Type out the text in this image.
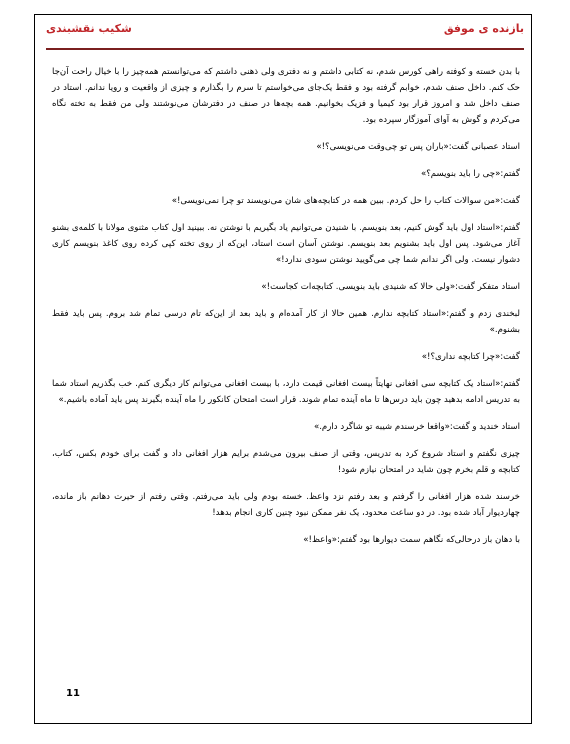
شکیب نقشبندی	بازنده ی موفق

با بدن خسته و کوفته راهی کورس شدم، نه کتابی داشتم و نه دفتری ولی ذهنی داشتم که می‌توانستم همه‌چیز را با خیال راحت آن‌جا حک کنم. داخل صنف شدم، خوابم گرفته بود و فقط یک‌جای می‌خواستم تا سرم را بگذارم و چیزی از واقعیت و رویا ندانم. استاد در صنف داخل شد و امروز قرار بود کیمیا و فزیک بخوانیم. همه بچه‌ها در صنف در دفترشان می‌نوشتند ولی من فقط به تخته نگاه می‌کردم و گوش به آوای آموزگار سپرده بود.

استاد عصبانی گفت:«باران پس تو چی‌وقت می‌نویسی؟!»

گفتم:«چی را باید بنویسم؟»

گفت:«من سوالات کتاب را حل کردم. ببین همه در کتابچه‌های شان می‌نویسند تو چرا نمی‌نویسی!»

گفتم:«استاد اول باید گوش کنیم، بعد بنویسم. با شنیدن می‌توانیم یاد بگیریم با نوشتن نه. ببینید اول کتاب مثنوی مولانا با کلمه‌ی بشنو آغاز می‌شود. پس اول باید بشنویم بعد بنویسم. نوشتن آسان است استاد، این‌که از روی تخته کپی کرده روی کاغذ بنویسم کاری دشوار نیست. ولی اگر ندانم شما چی می‌گویید نوشتن سودی ندارد!»

استاد متفکر گفت:«ولی حالا که شنیدی باید بنویسی. کتابچه‌ات کجاست!»

لبخندی زدم و گفتم:«استاد کتابچه ندارم. همین حالا از کار آمده‌ام و باید بعد از این‌که تام درسی تمام شد بروم. پس باید فقط بشنوم.»

گفت:«چرا کتابچه نداری؟!»

گفتم:«استاد یک کتابچه سی افغانی نهایتاً بیست افغانی قیمت دارد، با بیست افغانی می‌توانم کار دیگری کنم. خب بگذریم استاد شما به تدریس ادامه بدهید چون باید درس‌ها تا ماه آینده تمام شوند. قرار است امتحان کانکور را ماه آینده بگیرند پس باید آماده باشیم.»

استاد خندید و گفت:«واقعا خرسندم شیبه تو شاگرد دارم.»

چیزی نگفتم و استاد شروع کرد به تدریس، وقتی از صنف بیرون می‌شدم برایم هزار افغانی داد و گفت برای خودم بکس، کتاب، کتابچه و قلم بخرم چون شاید در امتحان نیازم شود!

خرسند شده هزار افغانی را گرفتم و بعد رفتم نزد واعظ. خسته بودم ولی باید می‌رفتم. وقتی رفتم از حیرت دهانم باز مانده، چهاردیوار آباد شده بود. در دو ساعت محدود، یک نفر ممکن نبود چنین کاری انجام بدهد!

با دهان باز درحالی‌که نگاهم سمت دیوارها بود گفتم:«واعظ!»

11
